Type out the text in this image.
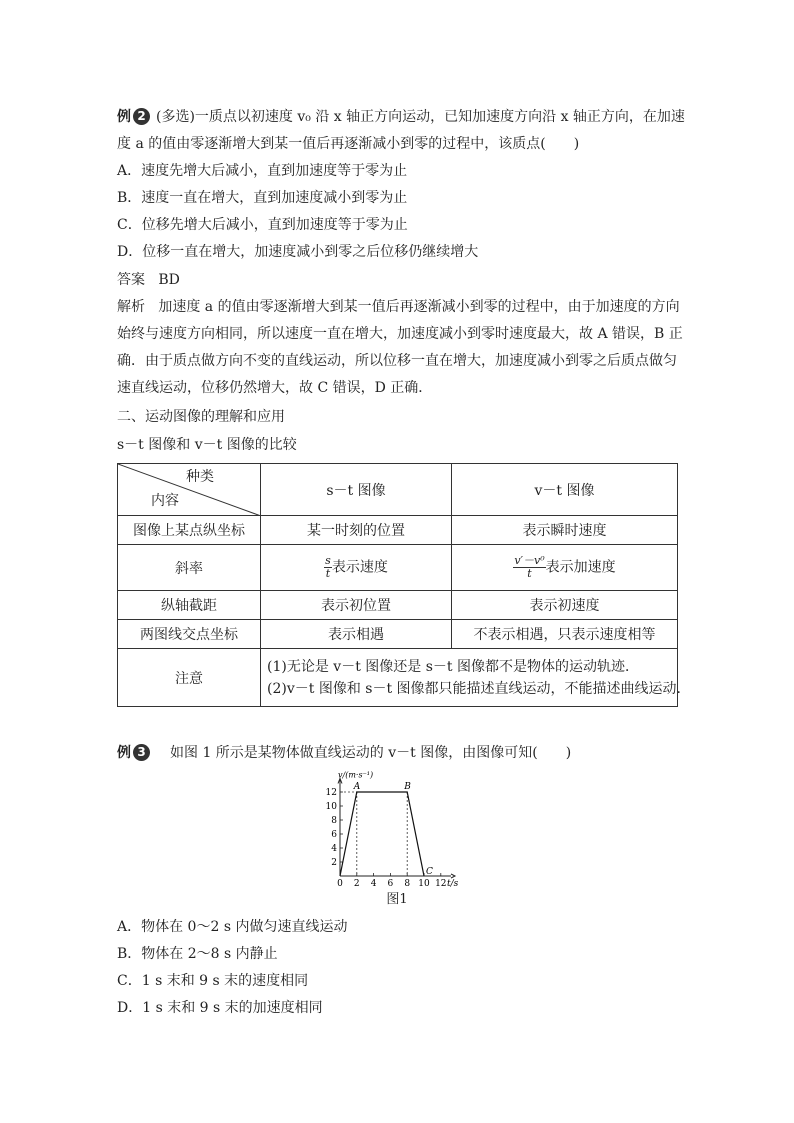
例 2 (多选)一质点以初速度 v₀ 沿 x 轴正方向运动，已知加速度方向沿 x 轴正方向，在加速
度 a 的值由零逐渐增大到某一值后再逐渐减小到零的过程中，该质点(　　)
A．速度先增大后减小，直到加速度等于零为止
B．速度一直在增大，直到加速度减小到零为止
C．位移先增大后减小，直到加速度等于零为止
D．位移一直在增大，加速度减小到零之后位移仍继续增大
答案 BD
解析 加速度 a 的值由零逐渐增大到某一值后再逐渐减小到零的过程中，由于加速度的方向
始终与速度方向相同，所以速度一直在增大，加速度减小到零时速度最大，故 A 错误，B 正
确．由于质点做方向不变的直线运动，所以位移一直在增大，加速度减小到零之后质点做匀
速直线运动，位移仍然增大，故 C 错误，D 正确．
二、运动图像的理解和应用
s－t 图像和 v－t 图像的比较
种类
内容	s－t 图像	v－t 图像
图像上某点纵坐标	某一时刻的位置	表示瞬时速度
斜率	$\frac{s}{t}$ 表示速度	$\frac{\text{v′－v⁰}}{t}$ 表示加速度
纵轴截距	表示初位置	表示初速度
两图线交点坐标	表示相遇	不表示相遇，只表示速度相等
注意	(1)无论是 v－t 图像还是 s－t 图像都不是物体的运动轨迹．
(2)v－t 图像和 s－t 图像都只能描述直线运动，不能描述曲线运动.	
例 3 如图 1 所示是某物体做直线运动的 v－t 图像，由图像可知(　　)
v/(m·s⁻¹)
t/s
2
4
6
8
10
12
0 2 4 6 8 10 12
A	B
C
图1
A．物体在 0～2 s 内做匀速直线运动
B．物体在 2～8 s 内静止
C．1 s 末和 9 s 末的速度相同
D．1 s 末和 9 s 末的加速度相同
